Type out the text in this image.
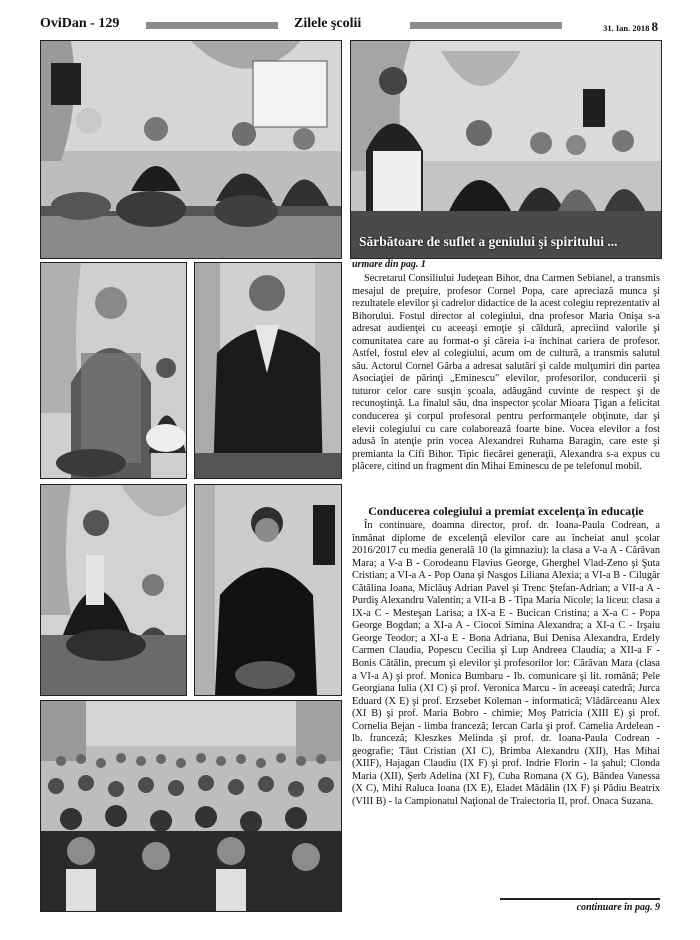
OviDan - 129	Zilele şcolii	31. Ian. 2018 8
Sărbătoare de suflet a geniului şi spiritului ...
urmare din pag. 1

Secretarul Consiliului Judeţean Bihor, dna Carmen Sebianel, a transmis mesajul de preţuire, profesor Cornel Popa, care apreciază munca şi rezultatele elevilor şi cadrelor didactice de la acest colegiu reprezentativ al Bihorului. Fostul director al colegiului, dna profesor Maria Onişa s-a adresat audienţei cu aceeaşi emoţie şi căldură, apreciind valorile şi comunitatea care au format-o şi căreia i-a închinat cariera de profesor. Astfel, fostul elev al colegiului, acum om de cultură, a transmis salutul său. Actorul Cornel Gârba a adresat salutări şi calde mulţumiri din partea Asociaţiei de părinţi „Eminescu" elevilor, profesorilor, conducerii şi tuturor celor care susţin şcoala, adăugând cuvinte de respect şi de recunoştinţă. La finalul său, dna inspector şcolar Mioara Ţigan a felicitat conducerea şi corpul profesoral pentru performanţele obţinute, dar şi elevii colegiului cu care colaborează foarte bine. Vocea elevilor a fost adusă în atenţie prin vocea Alexandrei Ruhama Baragin, care este şi premianta la Cifi Bihor. Tipic fiecărei generaţii, Alexandra s-a expus cu plăcere, citind un fragment din Mihai Eminescu de pe telefonul mobil.

Conducerea colegiului a premiat excelenţa în educaţie

În continuare, doamna director, prof. dr. Ioana-Paula Codrean, a înmânat diplome de excelenţă elevilor care au încheiat anul şcolar 2016/2017 cu media generală 10 (la gimnaziu): la clasa a V-a A - Cărăvan Mara; a V-a B - Corodeanu Flavius George, Gherghel Vlad-Zeno şi Şuta Cristian; a VI-a A - Pop Oana şi Nasgos Liliana Alexia; a VI-a B - Cilugăr Cătălina Ioana, Miclăuş Adrian Pavel şi Trenc Ştefan-Adrian; a VII-a A - Purdiş Alexandru Valentin; a VII-a B - Tipa Maria Nicole; la liceu: clasa a IX-a C - Mesteşan Larisa; a IX-a E - Bucican Cristina; a X-a C - Popa George Bogdan; a XI-a A - Ciocoi Simina Alexandra; a XI-a C - Irşaiu George Teodor; a XI-a E - Bona Adriana, Bui Denisa Alexandra, Erdely Carmen Claudia, Popescu Cecilia şi Lup Andreea Claudia; a XII-a F - Bonis Cătălin, precum şi elevilor şi profesorilor lor: Cărăvan Mara (clasa a VI-a A) şi prof. Monica Bumbaru - Ib. comunicare şi lit. română; Pele Georgiana Iulia (XI C) şi prof. Veronica Marcu - în aceeaşi catedră; Jurca Eduard (X E) şi prof. Erzsebet Koleman - informatică; Vlădărceanu Alex (XI B) şi prof. Maria Bobro - chimie; Moş Patricia (XIII E) şi prof. Cornelia Bejan - limba franceză; Iercan Carla şi prof. Camelia Ardelean - lb. franceză; Kleszkes Melinda şi prof. dr. Ioana-Paula Codrean - geografie; Tăut Cristian (XI C), Brimba Alexandru (XII), Has Mihai (XIIF), Hajagan Claudiu (IX F) şi prof. Indrie Florin - la şahul; Clonda Maria (XII), Şerb Adelina (XI F), Cuba Romana (X G), Bândea Vanessa (X C), Mihi Raluca Ioana (IX E), Eladet Mădălin (IX F) şi Pădiu Beatrix (VIII B) - la Campionatul Naţional de Traiectoria II, prof. Onaca Suzana.

continuare în pag. 9
